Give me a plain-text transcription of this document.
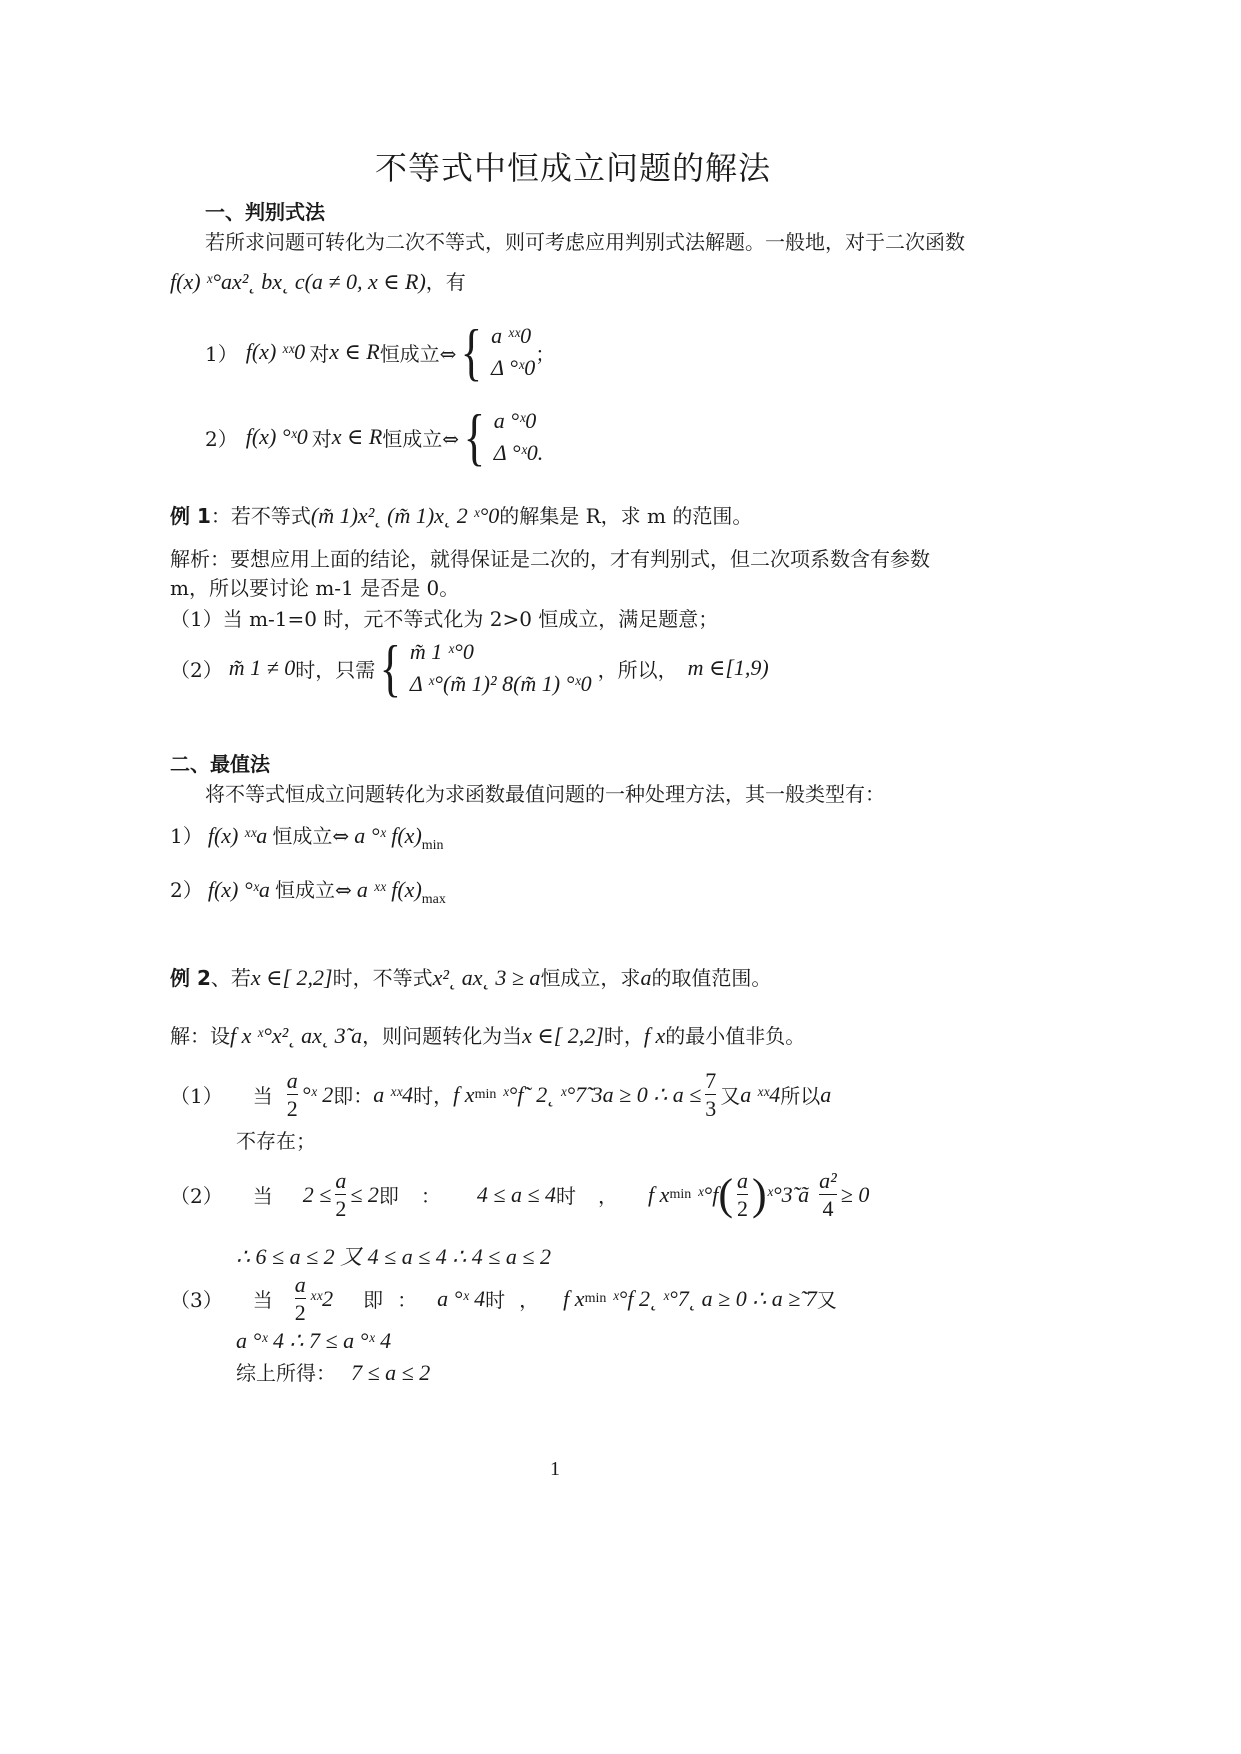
不等式中恒成立问题的解法
一、判别式法
若所求问题可转化为二次不等式，则可考虑应用判别式法解题。一般地，对于二次函数
f(x) ˣ°ax²˛ bx˛ c(a ≠ 0, x ∈ R)，有
1） f(x) ˣˣ0 对 x ∈ R 恒成立⇔ { a ˣˣ0
Δ °ˣ0
；
2） f(x) °ˣ0 对 x ∈ R 恒成立⇔ { a °ˣ0
Δ °ˣ0.
例 1：若不等式(m̃ 1)x²˛ (m̃ 1)x˛ 2 ˣ°0的解集是 R，求 m 的范围。
解析：要想应用上面的结论，就得保证是二次的，才有判别式，但二次项系数含有参数
m，所以要讨论 m-1 是否是 0。
（1）当 m-1=0 时，元不等式化为 2>0 恒成立，满足题意；
（2） m̃ 1 ≠ 0 时，只需 { m̃ 1 ˣ°0
Δ ˣ°(m̃ 1)² 8(m̃ 1) °ˣ0
，所以， m ∈[1,9)
二、最值法
将不等式恒成立问题转化为求函数最值问题的一种处理方法，其一般类型有：
1） f(x) ˣˣa 恒成立⇔ a °ˣ f(x)min
2） f(x) °ˣa 恒成立⇔ a ˣˣ f(x)max
例 2、若x ∈[ 2,2]时，不等式x²˛ ax˛ 3 ≥ a恒成立，求a的取值范围。
解：设f x ˣ°x²˛ ax˛ 3̃ a，则问题转化为当x ∈[ 2,2]时，f x的最小值非负。
（1） 当 $\frac{a}{2}$ °ˣ 2 即： a ˣˣ4 时， f x min ˣ°f˜ 2˛ ˣ°7̃ 3a ≥ 0 ∴ $a \le \frac{7}{3}$ 又 a ˣˣ4 所以 a
不存在；
（2） 当 $2 \le \frac{a}{2} \le 2$ 即 ： 4 ≤ a ≤ 4 时 ， f x min ˣ°f ( $\frac{a}{2}$ ) ˣ°3̃ ã $\frac{\text{a²}}{4} \ge 0$
∴ 6 ≤ a ≤ 2 又 4 ≤ a ≤ 4 ∴ 4 ≤ a ≤ 2
（3） 当 $\frac{a}{2}$ ˣˣ2 即 ： a °ˣ 4 时 ， f x min ˣ°f 2˛ ˣ°7˛ a ≥ 0 ∴ a ≥̃ 7 又
a °ˣ 4 ∴ 7 ≤ a °ˣ 4
综上所得： 7 ≤ a ≤ 2
1
